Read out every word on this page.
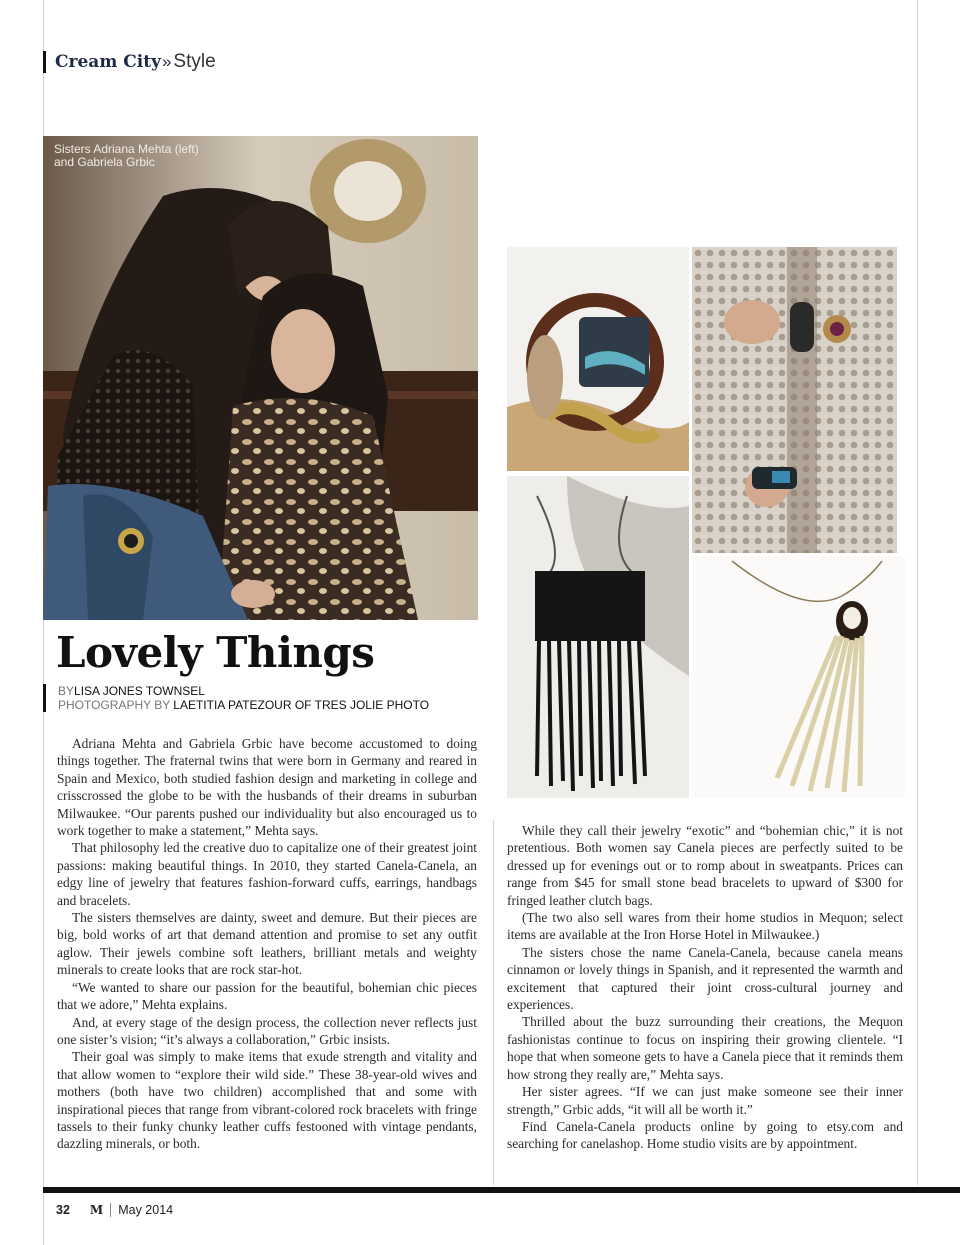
Cream City » Style
Sisters Adriana Mehta (left)
and Gabriela Grbic
Lovely Things
BYLISA JONES TOWNSEL
PHOTOGRAPHY BY LAETITIA PATEZOUR OF TRES JOLIE PHOTO

Adriana Mehta and Gabriela Grbic have become accustomed to doing things together. The fraternal twins that were born in Germany and reared in Spain and Mexico, both studied fashion design and marketing in college and crisscrossed the globe to be with the husbands of their dreams in suburban Milwaukee. “Our parents pushed our individuality but also encouraged us to work together to make a statement,” Mehta says.

That philosophy led the creative duo to capitalize one of their greatest joint passions: making beautiful things. In 2010, they started Canela-Canela, an edgy line of jewelry that features fashion-forward cuffs, earrings, handbags and bracelets.

The sisters themselves are dainty, sweet and demure. But their pieces are big, bold works of art that demand attention and promise to set any outfit aglow. Their jewels combine soft leathers, brilliant metals and weighty minerals to create looks that are rock star-hot.

“We wanted to share our passion for the beautiful, bohemian chic pieces that we adore,” Mehta explains.

And, at every stage of the design process, the collection never reflects just one sister’s vision; “it’s always a collaboration,” Grbic insists.

Their goal was simply to make items that exude strength and vitality and that allow women to “explore their wild side.” These 38-year-old wives and mothers (both have two children) accomplished that and some with inspirational pieces that range from vibrant-colored rock bracelets with fringe tassels to their funky chunky leather cuffs festooned with vintage pendants, dazzling minerals, or both.

While they call their jewelry “exotic” and “bohemian chic,” it is not pretentious. Both women say Canela pieces are perfectly suited to be dressed up for evenings out or to romp about in sweatpants. Prices can range from $45 for small stone bead bracelets to upward of $300 for fringed leather clutch bags.

(The two also sell wares from their home studios in Mequon; select items are available at the Iron Horse Hotel in Milwaukee.)

The sisters chose the name Canela-Canela, because canela means cinnamon or lovely things in Spanish, and it represented the warmth and excitement that captured their joint cross-cultural journey and experiences.

Thrilled about the buzz surrounding their creations, the Mequon fashionistas continue to focus on inspiring their growing clientele. “I hope that when someone gets to have a Canela piece that it reminds them how strong they really are,” Mehta says.

Her sister agrees. “If we can just make someone see their inner strength,” Grbic adds, “it will all be worth it.”

Find Canela-Canela products online by going to etsy.com and searching for canelashop. Home studio visits are by appointment.

32 M May 2014
